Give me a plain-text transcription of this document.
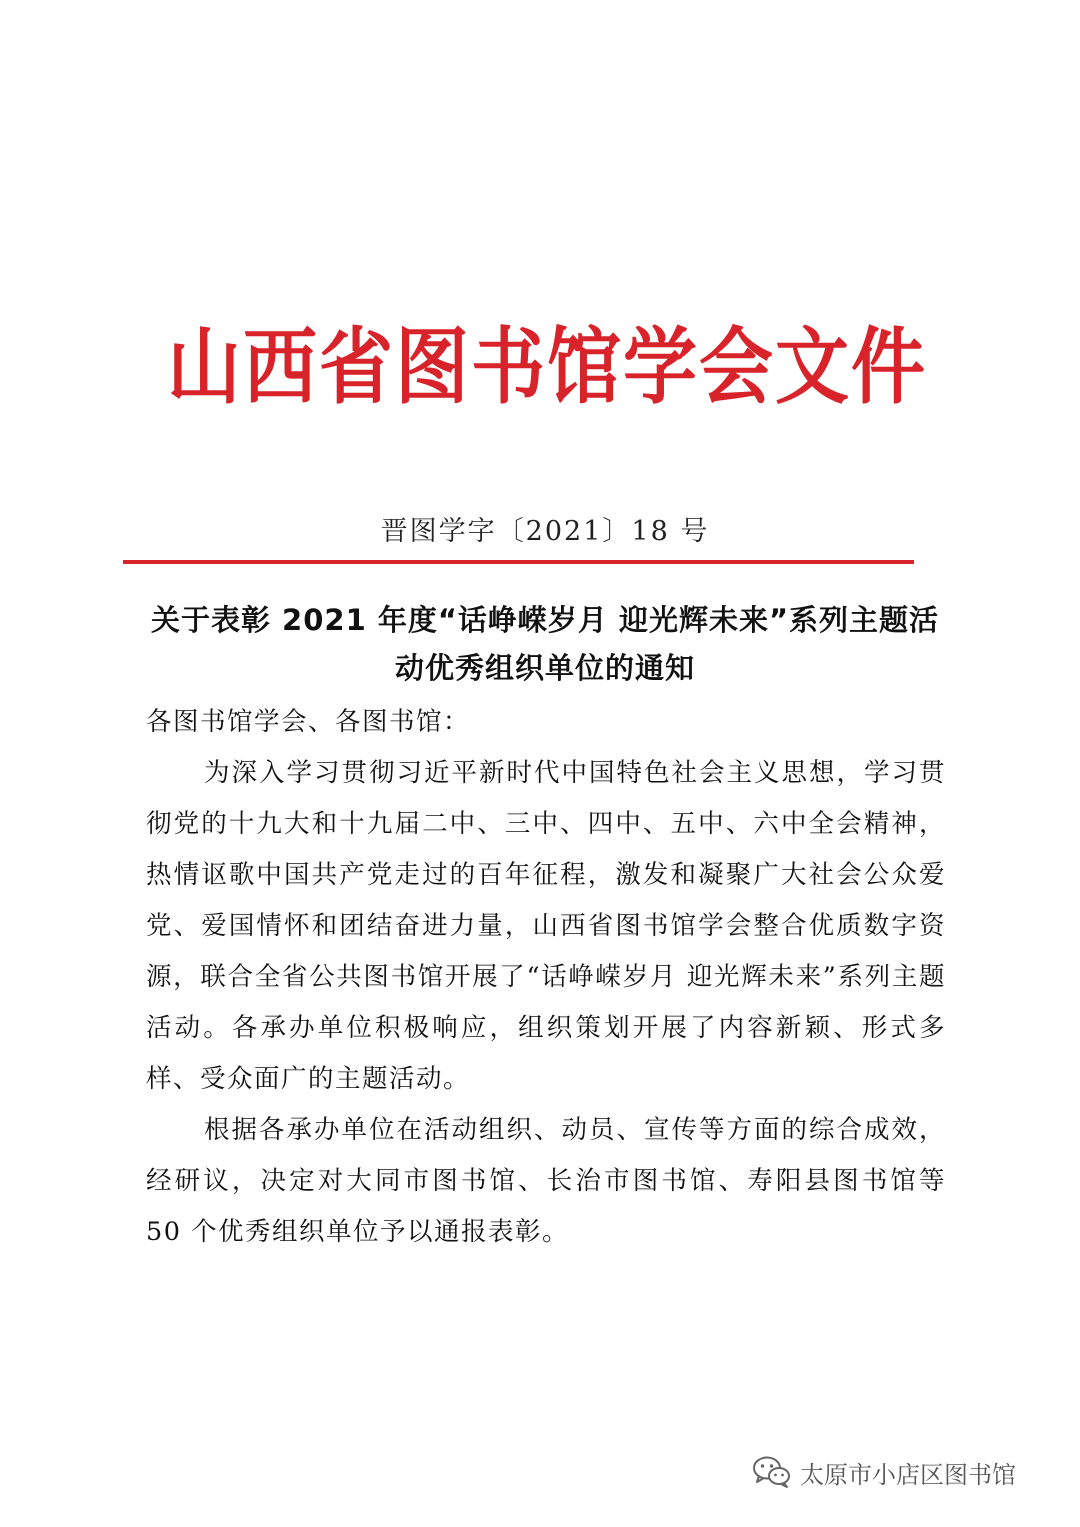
山西省图书馆学会文件
晋图学字〔2021〕18 号
关于表彰 2021 年度“话峥嵘岁月 迎光辉未来”系列主题活
动优秀组织单位的通知

各图书馆学会、各图书馆：

为深入学习贯彻习近平新时代中国特色社会主义思想，学习贯彻党的十九大和十九届二中、三中、四中、五中、六中全会精神，热情讴歌中国共产党走过的百年征程，激发和凝聚广大社会公众爱党、爱国情怀和团结奋进力量，山西省图书馆学会整合优质数字资源，联合全省公共图书馆开展了“话峥嵘岁月 迎光辉未来”系列主题活动。各承办单位积极响应，组织策划开展了内容新颖、形式多样、受众面广的主题活动。

根据各承办单位在活动组织、动员、宣传等方面的综合成效，经研议，决定对大同市图书馆、长治市图书馆、寿阳县图书馆等 50 个优秀组织单位予以通报表彰。

太原市小店区图书馆
